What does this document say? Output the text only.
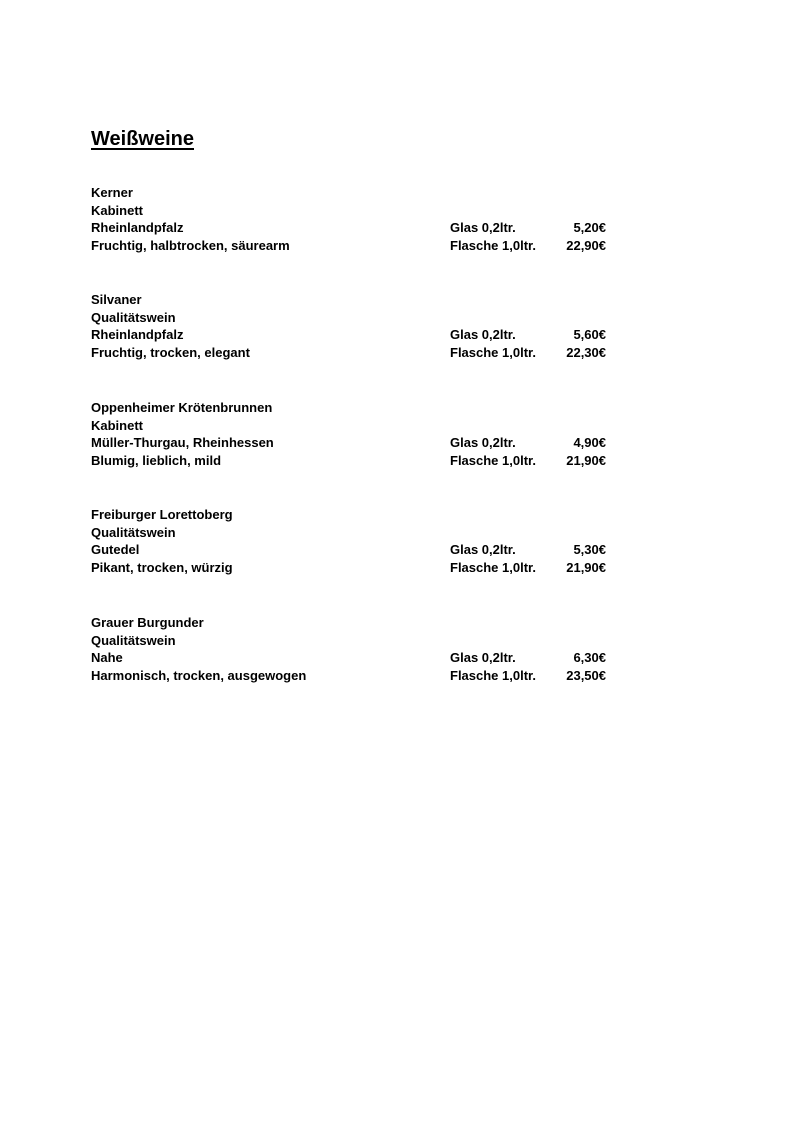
Weißweine
Kerner
Kabinett
Rheinlandpfalz	Glas 0,2ltr.	5,20€
Fruchtig, halbtrocken, säurearm	Flasche 1,0ltr. 22,90€
Silvaner
Qualitätswein
Rheinlandpfalz	Glas 0,2ltr.	5,60€
Fruchtig, trocken, elegant	Flasche 1,0ltr. 22,30€
Oppenheimer Krötenbrunnen
Kabinett
Müller-Thurgau, Rheinhessen	Glas 0,2ltr.	4,90€
Blumig, lieblich, mild	Flasche 1,0ltr. 21,90€
Freiburger Lorettoberg
Qualitätswein
Gutedel	Glas 0,2ltr.	5,30€
Pikant, trocken, würzig	Flasche 1,0ltr. 21,90€
Grauer Burgunder
Qualitätswein
Nahe	Glas 0,2ltr.	6,30€
Harmonisch, trocken, ausgewogen	Flasche 1,0ltr. 23,50€
